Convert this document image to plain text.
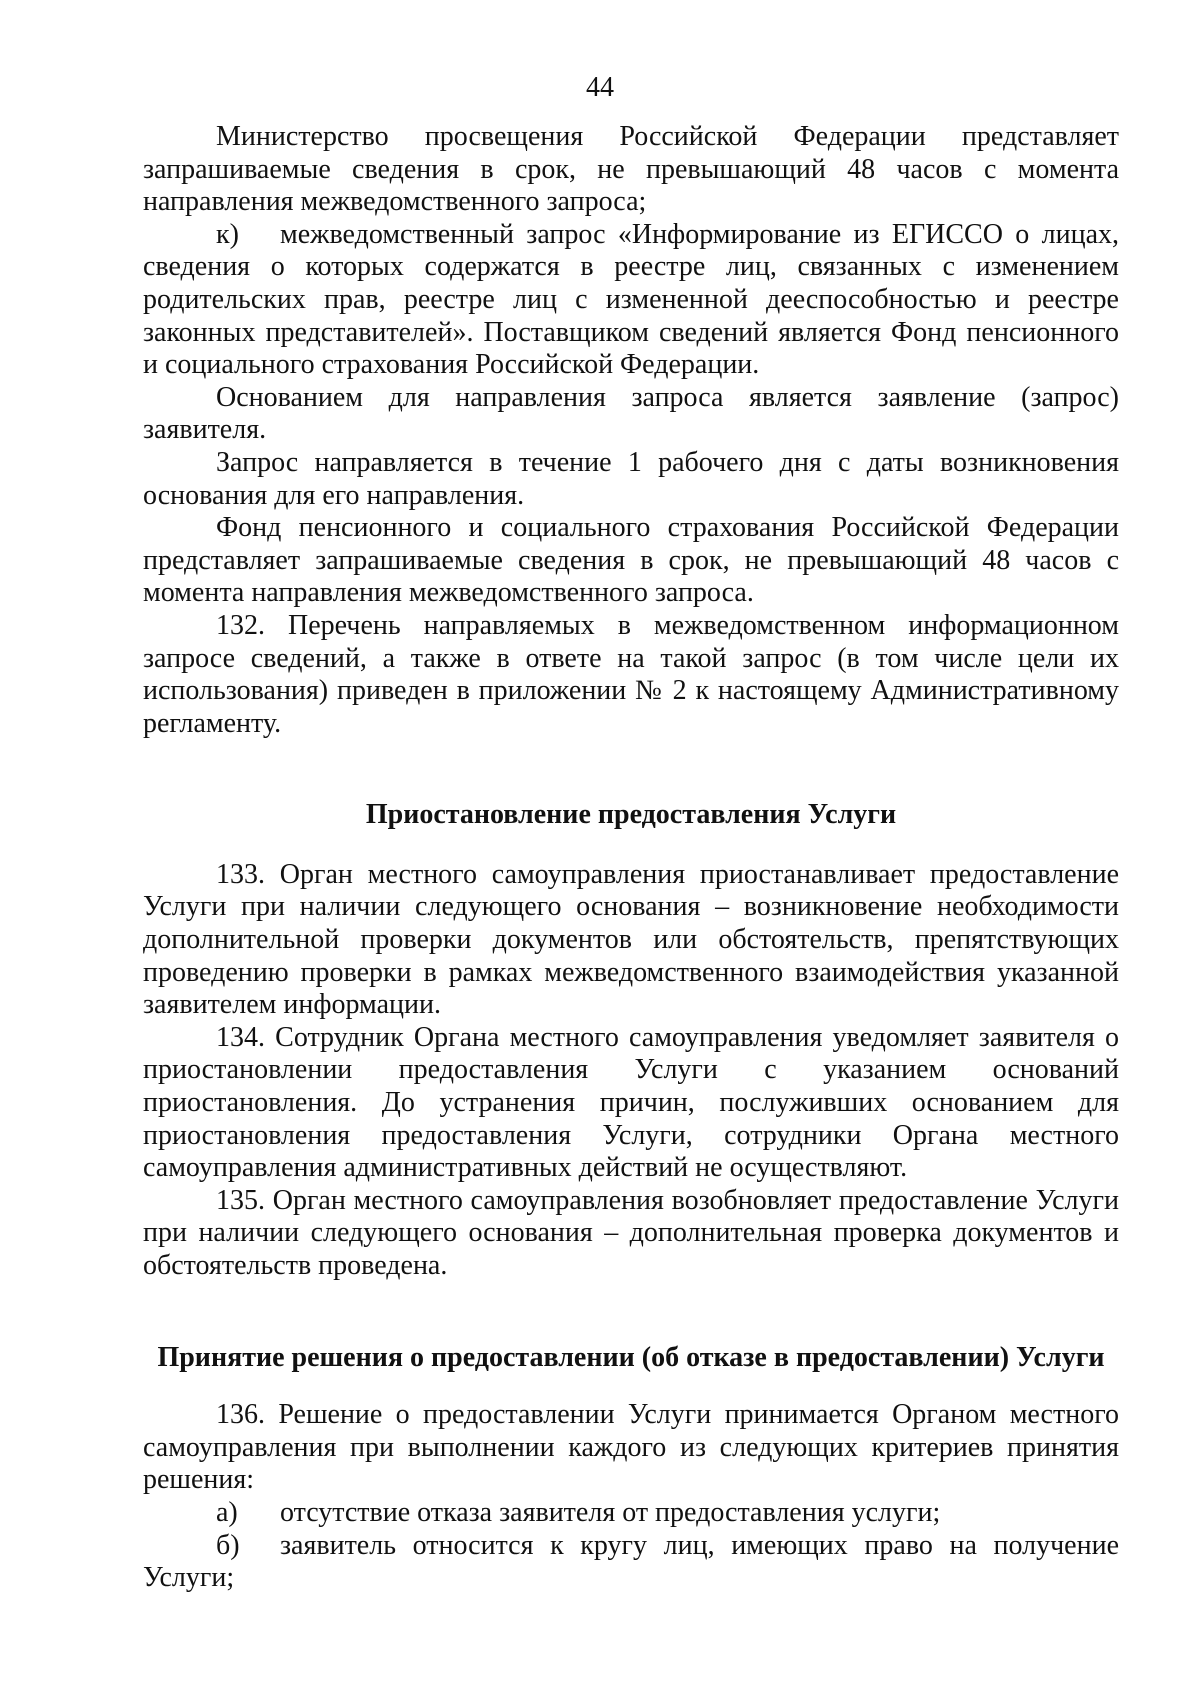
44

Министерство просвещения Российской Федерации представляет запрашиваемые сведения в срок, не превышающий 48 часов с момента направления межведомственного запроса;

к) межведомственный запрос «Информирование из ЕГИССО о лицах, сведения о которых содержатся в реестре лиц, связанных с изменением родительских прав, реестре лиц с измененной дееспособностью и реестре законных представителей». Поставщиком сведений является Фонд пенсионного и социального страхования Российской Федерации.

Основанием для направления запроса является заявление (запрос) заявителя.

Запрос направляется в течение 1 рабочего дня с даты возникновения основания для его направления.

Фонд пенсионного и социального страхования Российской Федерации представляет запрашиваемые сведения в срок, не превышающий 48 часов с момента направления межведомственного запроса.

132. Перечень направляемых в межведомственном информационном запросе сведений, а также в ответе на такой запрос (в том числе цели их использования) приведен в приложении № 2 к настоящему Административному регламенту.

Приостановление предоставления Услуги

133. Орган местного самоуправления приостанавливает предоставление Услуги при наличии следующего основания – возникновение необходимости дополнительной проверки документов или обстоятельств, препятствующих проведению проверки в рамках межведомственного взаимодействия указанной заявителем информации.

134. Сотрудник Органа местного самоуправления уведомляет заявителя о приостановлении предоставления Услуги с указанием оснований приостановления. До устранения причин, послуживших основанием для приостановления предоставления Услуги, сотрудники Органа местного самоуправления административных действий не осуществляют.

135. Орган местного самоуправления возобновляет предоставление Услуги при наличии следующего основания – дополнительная проверка документов и обстоятельств проведена.

Принятие решения о предоставлении (об отказе в предоставлении) Услуги

136. Решение о предоставлении Услуги принимается Органом местного самоуправления при выполнении каждого из следующих критериев принятия решения:

а) отсутствие отказа заявителя от предоставления услуги;

б) заявитель относится к кругу лиц, имеющих право на получение Услуги;
